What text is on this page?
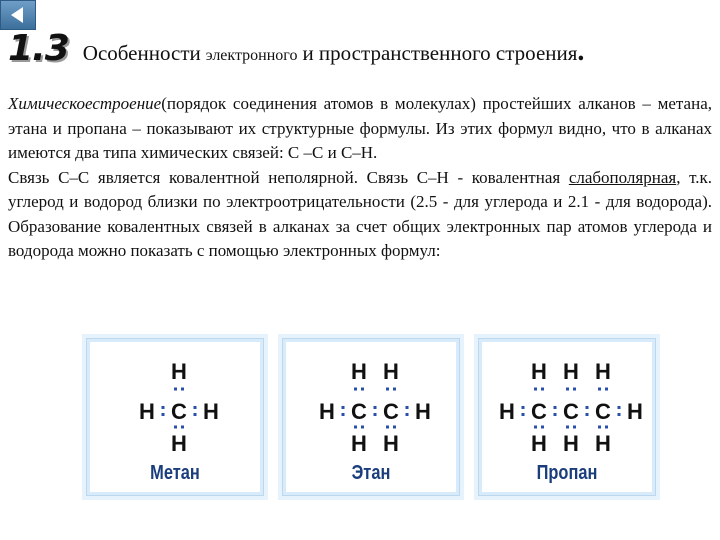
1.3 Особенности электронного и пространственного строения .

Химическоестроение(порядок соединения атомов в молекулах) простейших алканов – метана, этана и пропана – показывают их структурные формулы. Из этих формул видно, что в алканах имеются два типа химических связей: С –С и С–Н.

Связь С–С является ковалентной неполярной. Связь С–Н - ковалентная слабополярная, т.к. углерод и водород близки по электроотрицательности (2.5 - для углерода и 2.1 - для водорода). Образование ковалентных связей в алканах за счет общих электронных пар атомов углерода и водорода можно показать с помощью электронных формул:

H C
H
H
H
Метан
H C
H
H
C
H
H
H
Этан
H C
H
H
C
H
H
C
H
H
H
Пропан
